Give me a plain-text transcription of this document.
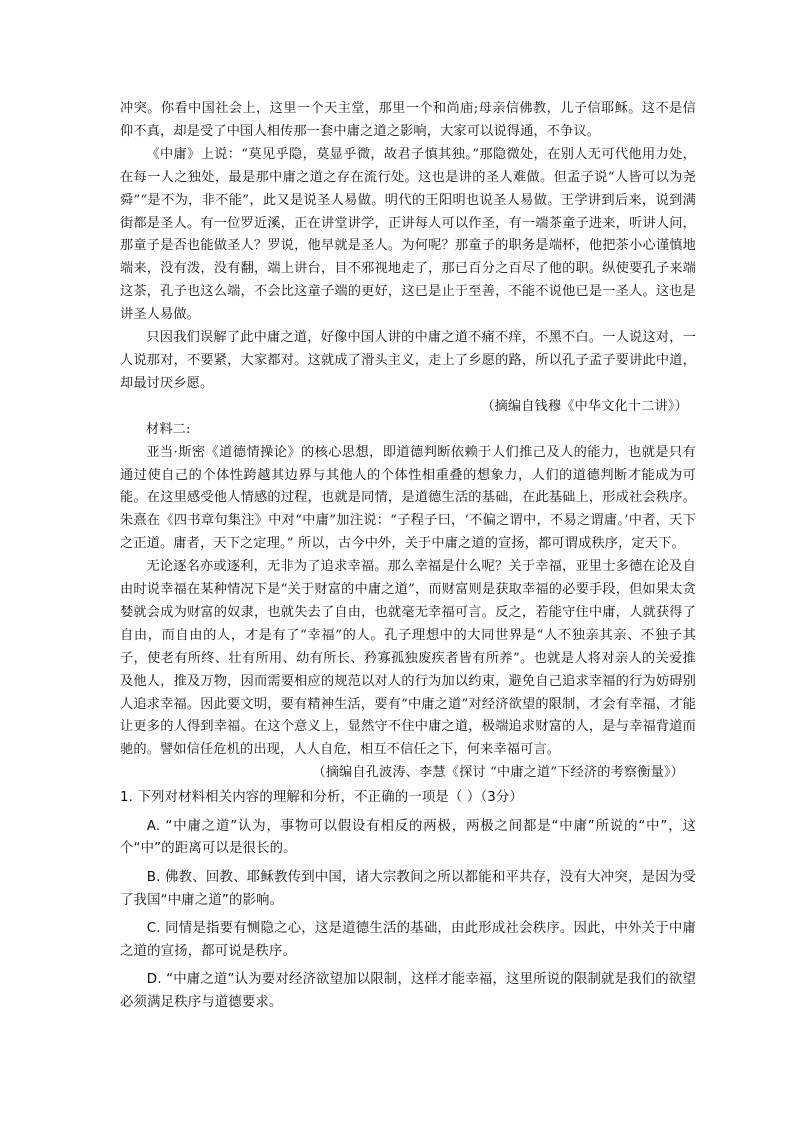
冲突。你看中国社会上，这里一个天主堂，那里一个和尚庙;母亲信佛教，儿子信耶稣。这不是信仰不真，却是受了中国人相传那一套中庸之道之影响，大家可以说得通，不争议。

《中庸》上说：“莫见乎隐，莫显乎微，故君子慎其独。”那隐微处，在别人无可代他用力处，在每一人之独处，最是那中庸之道之存在流行处。这也是讲的圣人难做。但孟子说“人皆可以为尧舜”“是不为，非不能”，此又是说圣人易做。明代的王阳明也说圣人易做。王学讲到后来，说到满街都是圣人。有一位罗近溪，正在讲堂讲学，正讲每人可以作圣，有一端茶童子进来，听讲人问，那童子是否也能做圣人？罗说，他早就是圣人。为何呢？那童子的职务是端杯，他把茶小心谨慎地端来，没有泼，没有翻，端上讲台，目不邪视地走了，那已百分之百尽了他的职。纵使要孔子来端这茶，孔子也这么端，不会比这童子端的更好，这已是止于至善，不能不说他已是一圣人。这也是讲圣人易做。

只因我们误解了此中庸之道，好像中国人讲的中庸之道不痛不痒，不黑不白。一人说这对，一人说那对，不要紧，大家都对。这就成了滑头主义，走上了乡愿的路，所以孔子孟子要讲此中道，却最讨厌乡愿。

（摘编自钱穆《中华文化十二讲》）

材料二:

亚当·斯密《道德情操论》的核心思想，即道德判断依赖于人们推己及人的能力，也就是只有通过使自己的个体性跨越其边界与其他人的个体性相重叠的想象力，人们的道德判断才能成为可能。在这里感受他人情感的过程，也就是同情，是道德生活的基础，在此基础上，形成社会秩序。朱熹在《四书章句集注》中对“中庸”加注说：“子程子曰，‘不偏之谓中，不易之谓庸。’中者，天下之正道。庸者，天下之定理。” 所以，古今中外，关于中庸之道的宣扬，都可谓成秩序，定天下。

无论逐名亦或逐利，无非为了追求幸福。那么幸福是什么呢？关于幸福，亚里士多德在论及自由时说幸福在某种情况下是“关于财富的中庸之道”，而财富则是获取幸福的必要手段，但如果太贪婪就会成为财富的奴隶，也就失去了自由，也就毫无幸福可言。反之，若能守住中庸，人就获得了自由，而自由的人，才是有了“幸福”的人。孔子理想中的大同世界是“人不独亲其亲、不独子其子，使老有所终、壮有所用、幼有所长、矜寡孤独废疾者皆有所养”。也就是人将对亲人的关爱推及他人，推及万物，因而需要相应的规范以对人的行为加以约束，避免自己追求幸福的行为妨碍别人追求幸福。因此要文明，要有精神生活，要有“中庸之道”对经济欲望的限制，才会有幸福，才能让更多的人得到幸福。在这个意义上，显然守不住中庸之道，极端追求财富的人，是与幸福背道而驰的。譬如信任危机的出现，人人自危，相互不信任之下，何来幸福可言。

（摘编自孔波涛、李慧《探讨 “中庸之道”下经济的考察衡量》）

1. 下列对材料相关内容的理解和分析，不正确的一项是（ ）（3分）

A. “中庸之道”认为，事物可以假设有相反的两极，两极之间都是“中庸”所说的“中”，这个“中”的距离可以是很长的。

B. 佛教、回教、耶稣教传到中国，诸大宗教间之所以都能和平共存，没有大冲突，是因为受了我国“中庸之道”的影响。

C. 同情是指要有恻隐之心，这是道德生活的基础，由此形成社会秩序。因此，中外关于中庸之道的宣扬，都可说是秩序。

D. “中庸之道”认为要对经济欲望加以限制，这样才能幸福，这里所说的限制就是我们的欲望必须满足秩序与道德要求。
